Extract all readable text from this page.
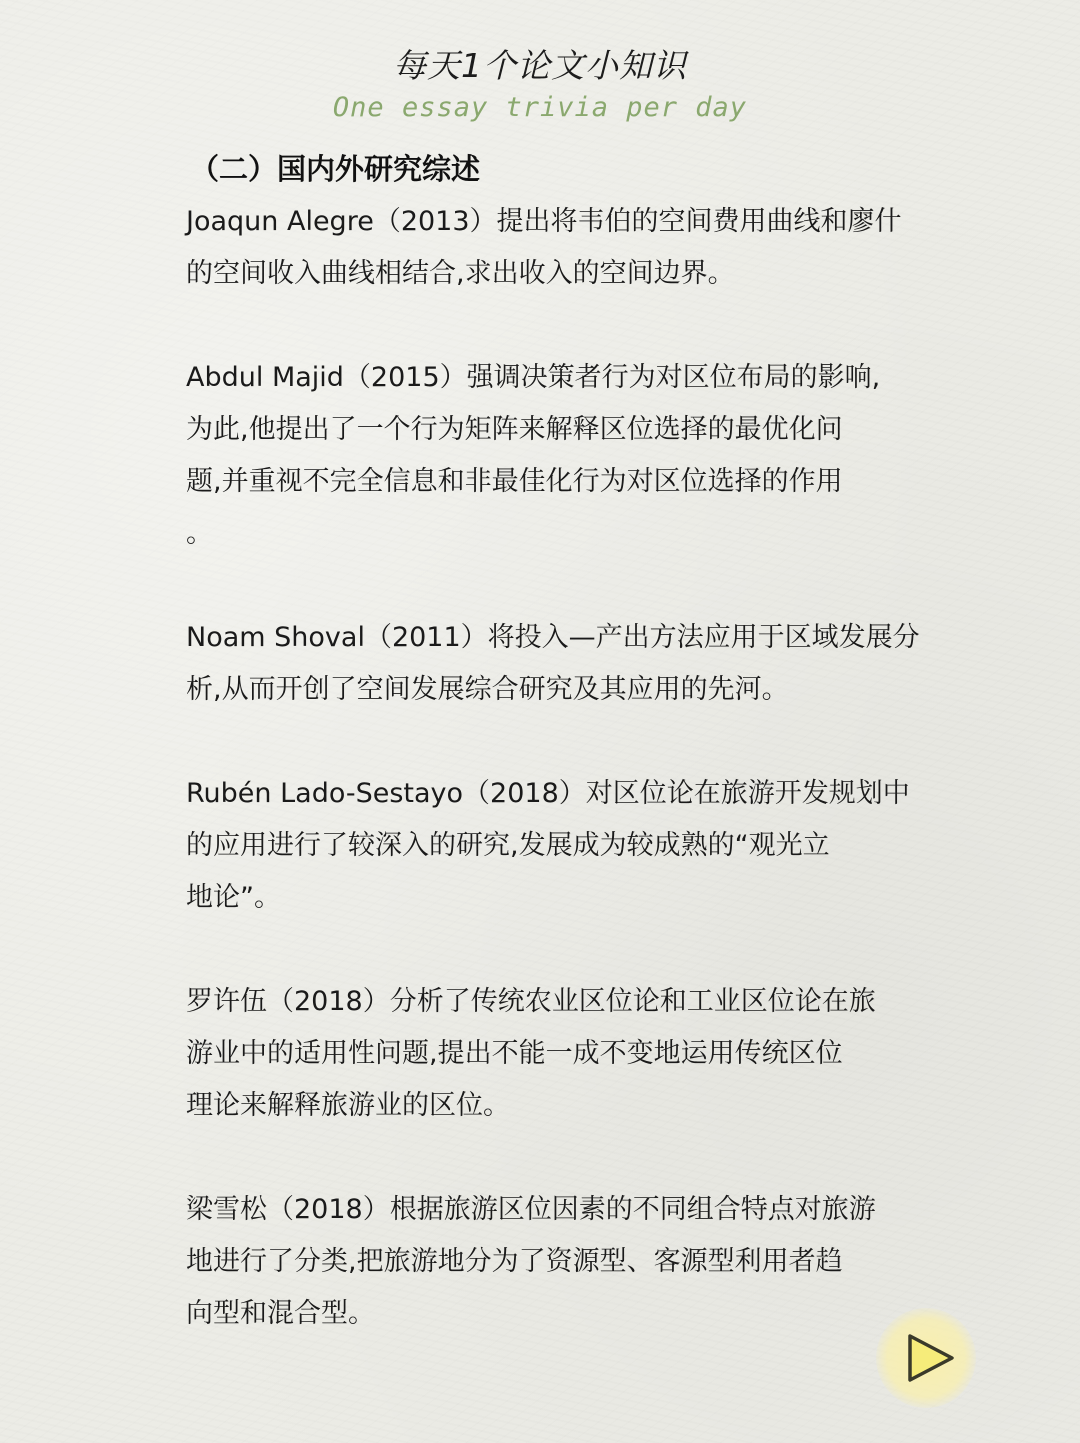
每天1个论文小知识
One essay trivia per day
（二）国内外研究综述

Joaqun Alegre（2013）提出将韦伯的空间费用曲线和廖什
的空间收入曲线相结合,求出收入的空间边界。

Abdul Majid（2015）强调决策者行为对区位布局的影响,
为此,他提出了一个行为矩阵来解释区位选择的最优化问
题,并重视不完全信息和非最佳化行为对区位选择的作用
。

Noam Shoval（2011）将投入—产出方法应用于区域发展分
析,从而开创了空间发展综合研究及其应用的先河。

Rubén Lado-Sestayo（2018）对区位论在旅游开发规划中
的应用进行了较深入的研究,发展成为较成熟的“观光立
地论”。

罗许伍（2018）分析了传统农业区位论和工业区位论在旅
游业中的适用性问题,提出不能一成不变地运用传统区位
理论来解释旅游业的区位。

梁雪松（2018）根据旅游区位因素的不同组合特点对旅游
地进行了分类,把旅游地分为了资源型、客源型利用者趋
向型和混合型。
